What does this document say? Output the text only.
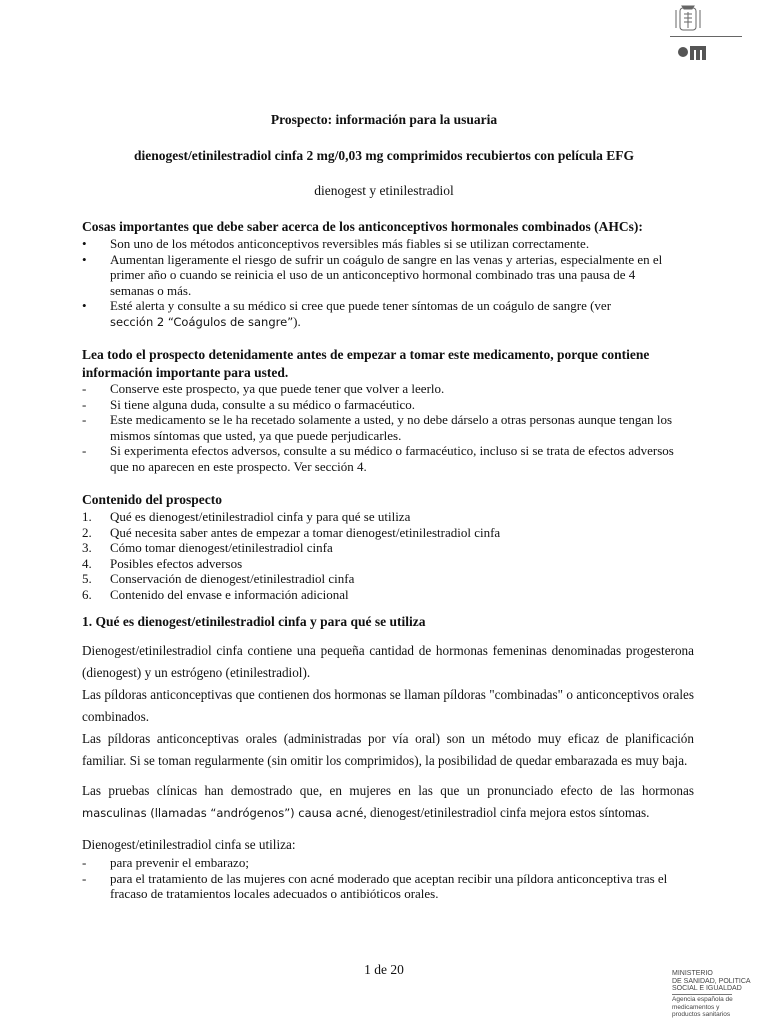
Prospecto: información para la usuaria
dienogest/etinilestradiol cinfa 2 mg/0,03 mg comprimidos recubiertos con película EFG
dienogest y etinilestradiol
Cosas importantes que debe saber acerca de los anticonceptivos hormonales combinados (AHCs):
• Son uno de los métodos anticonceptivos reversibles más fiables si se utilizan correctamente.
• Aumentan ligeramente el riesgo de sufrir un coágulo de sangre en las venas y arterias, especialmente en el primer año o cuando se reinicia el uso de un anticonceptivo hormonal combinado tras una pausa de 4 semanas o más.
• Esté alerta y consulte a su médico si cree que puede tener síntomas de un coágulo de sangre (ver
sección 2 “Coágulos de sangre”).
Lea todo el prospecto detenidamente antes de empezar a tomar este medicamento, porque contiene información importante para usted.
- Conserve este prospecto, ya que puede tener que volver a leerlo.
- Si tiene alguna duda, consulte a su médico o farmacéutico.
- Este medicamento se le ha recetado solamente a usted, y no debe dárselo a otras personas aunque tengan los mismos síntomas que usted, ya que puede perjudicarles.
- Si experimenta efectos adversos, consulte a su médico o farmacéutico, incluso si se trata de efectos adversos que no aparecen en este prospecto. Ver sección 4.
Contenido del prospecto
1. Qué es dienogest/etinilestradiol cinfa y para qué se utiliza
2. Qué necesita saber antes de empezar a tomar dienogest/etinilestradiol cinfa
3. Cómo tomar dienogest/etinilestradiol cinfa
4. Posibles efectos adversos
5. Conservación de dienogest/etinilestradiol cinfa
6. Contenido del envase e información adicional
1. Qué es dienogest/etinilestradiol cinfa y para qué se utiliza

Dienogest/etinilestradiol cinfa contiene una pequeña cantidad de hormonas femeninas denominadas progesterona (dienogest) y un estrógeno (etinilestradiol).

Las píldoras anticonceptivas que contienen dos hormonas se llaman píldoras "combinadas" o anticonceptivos orales combinados.

Las píldoras anticonceptivas orales (administradas por vía oral) son un método muy eficaz de planificación familiar. Si se toman regularmente (sin omitir los comprimidos), la posibilidad de quedar embarazada es muy baja.

Las pruebas clínicas han demostrado que, en mujeres en las que un pronunciado efecto de las hormonas masculinas (llamadas “andrógenos”) causa acné, dienogest/etinilestradiol cinfa mejora estos síntomas.

Dienogest/etinilestradiol cinfa se utiliza:
- para prevenir el embarazo;
- para el tratamiento de las mujeres con acné moderado que aceptan recibir una píldora anticonceptiva tras el fracaso de tratamientos locales adecuados o antibióticos orales.
1 de 20	MINISTERIO
DE SANIDAD, POLITICA
SOCIAL E IGUALDAD
Agencia española de
medicamentos y
productos sanitarios
